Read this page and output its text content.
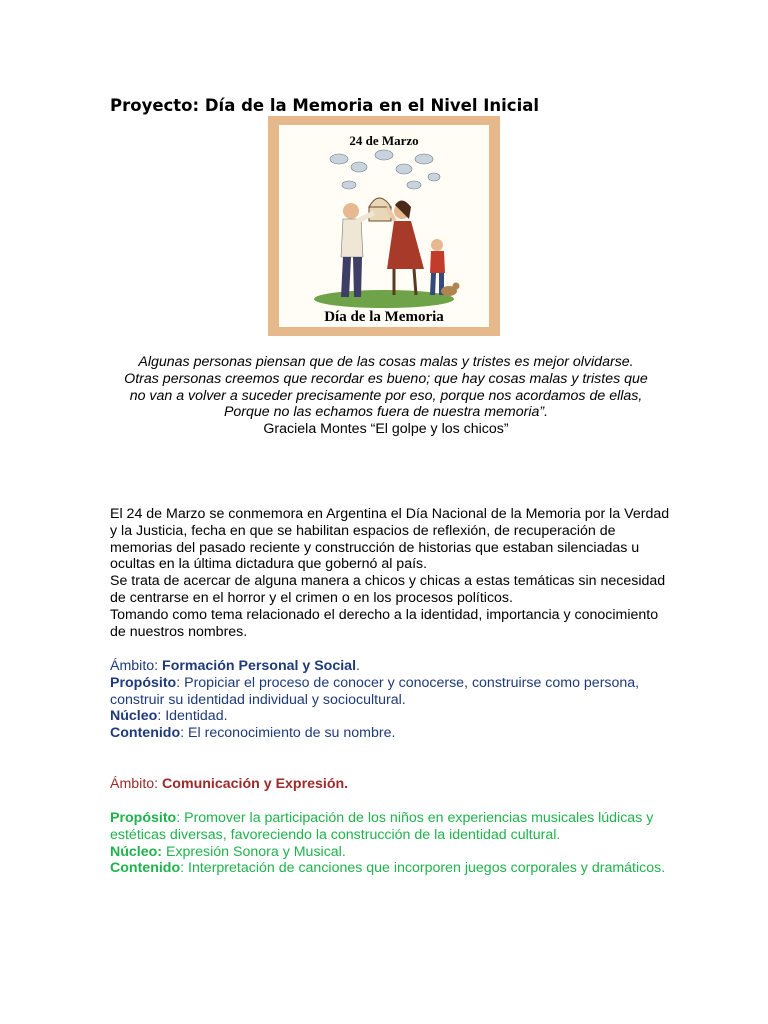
Proyecto: Día de la Memoria en el Nivel Inicial
24 de Marzo
Día de la Memoria
Algunas personas piensan que de las cosas malas y tristes es mejor olvidarse.
Otras personas creemos que recordar es bueno; que hay cosas malas y tristes que
no van a volver a suceder precisamente por eso, porque nos acordamos de ellas,
Porque no las echamos fuera de nuestra memoria”.
Graciela Montes “El golpe y los chicos”

El 24 de Marzo se conmemora en Argentina el Día Nacional de la Memoria por la Verdad y la Justicia, fecha en que se habilitan espacios de reflexión, de recuperación de memorias del pasado reciente y construcción de historias que estaban silenciadas u ocultas en la última dictadura que gobernó al país.

Se trata de acercar de alguna manera a chicos y chicas a estas temáticas sin necesidad de centrarse en el horror y el crimen o en los procesos políticos.

Tomando como tema relacionado el derecho a la identidad, importancia y conocimiento de nuestros nombres.

Ámbito: Formación Personal y Social.

Propósito: Propiciar el proceso de conocer y conocerse, construirse como persona, construir su identidad individual y sociocultural.

Núcleo: Identidad.

Contenido: El reconocimiento de su nombre.

Ámbito: Comunicación y Expresión.

Propósito: Promover la participación de los niños en experiencias musicales lúdicas y estéticas diversas, favoreciendo la construcción de la identidad cultural.

Núcleo: Expresión Sonora y Musical.

Contenido: Interpretación de canciones que incorporen juegos corporales y dramáticos.
